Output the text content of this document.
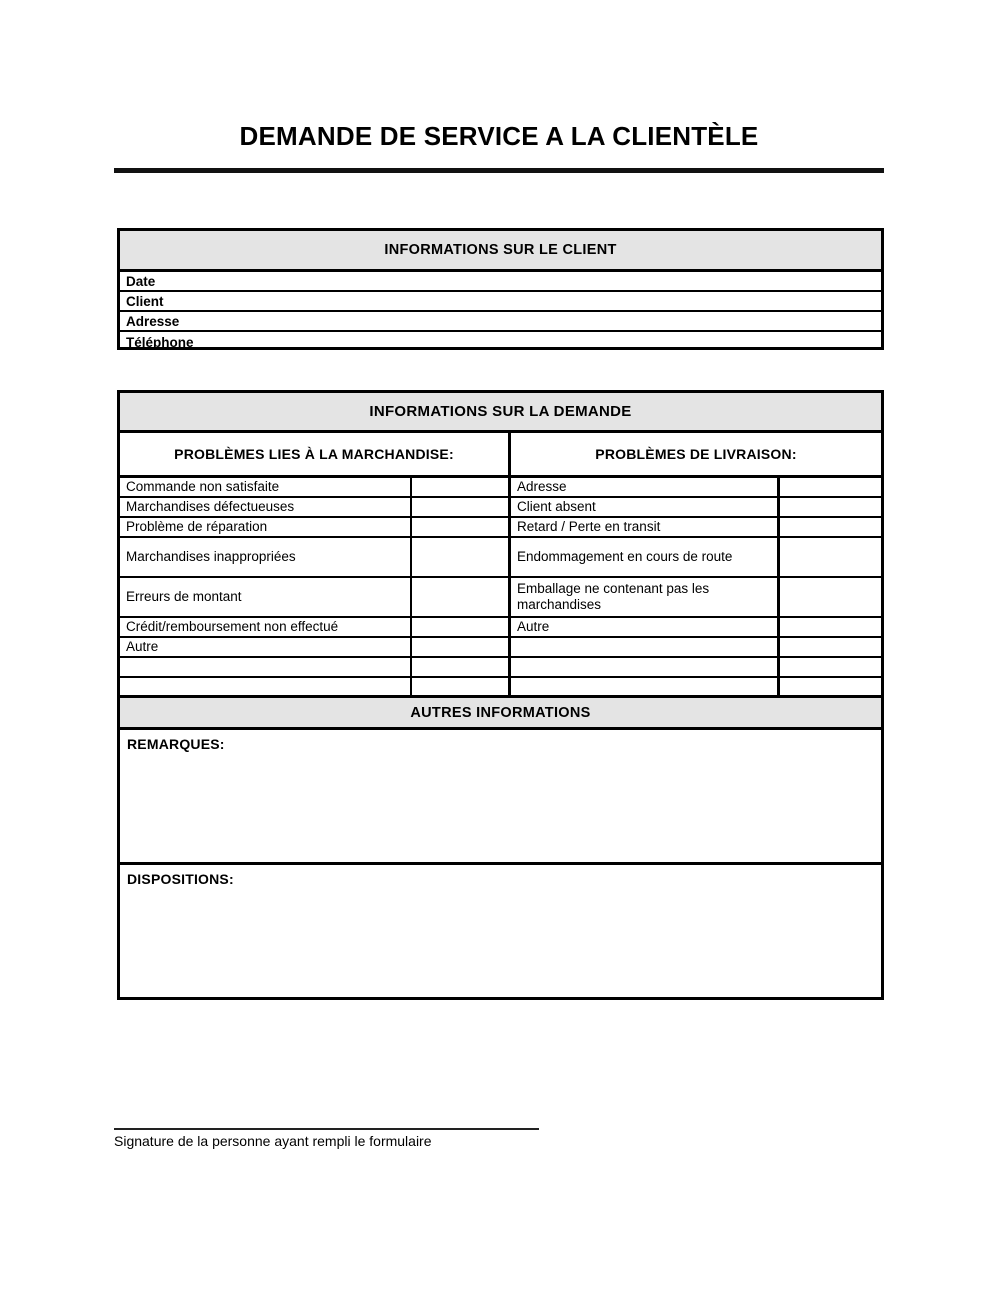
DEMANDE DE SERVICE A LA CLIENTÈLE
INFORMATIONS SUR LE CLIENT
Date
Client
Adresse
Téléphone
INFORMATIONS SUR LA DEMANDE
PROBLÈMES LIES À LA MARCHANDISE:	PROBLÈMES DE LIVRAISON:
Commande non satisfaite
Marchandises défectueuses
Problème de réparation
Marchandises inappropriées
Erreurs de montant
Crédit/remboursement non effectué
Autre
Adresse
Client absent
Retard / Perte en transit
Endommagement en cours de route
Emballage ne contenant pas les marchandises
Autre
AUTRES INFORMATIONS
REMARQUES:
DISPOSITIONS:
Signature de la personne ayant rempli le formulaire
